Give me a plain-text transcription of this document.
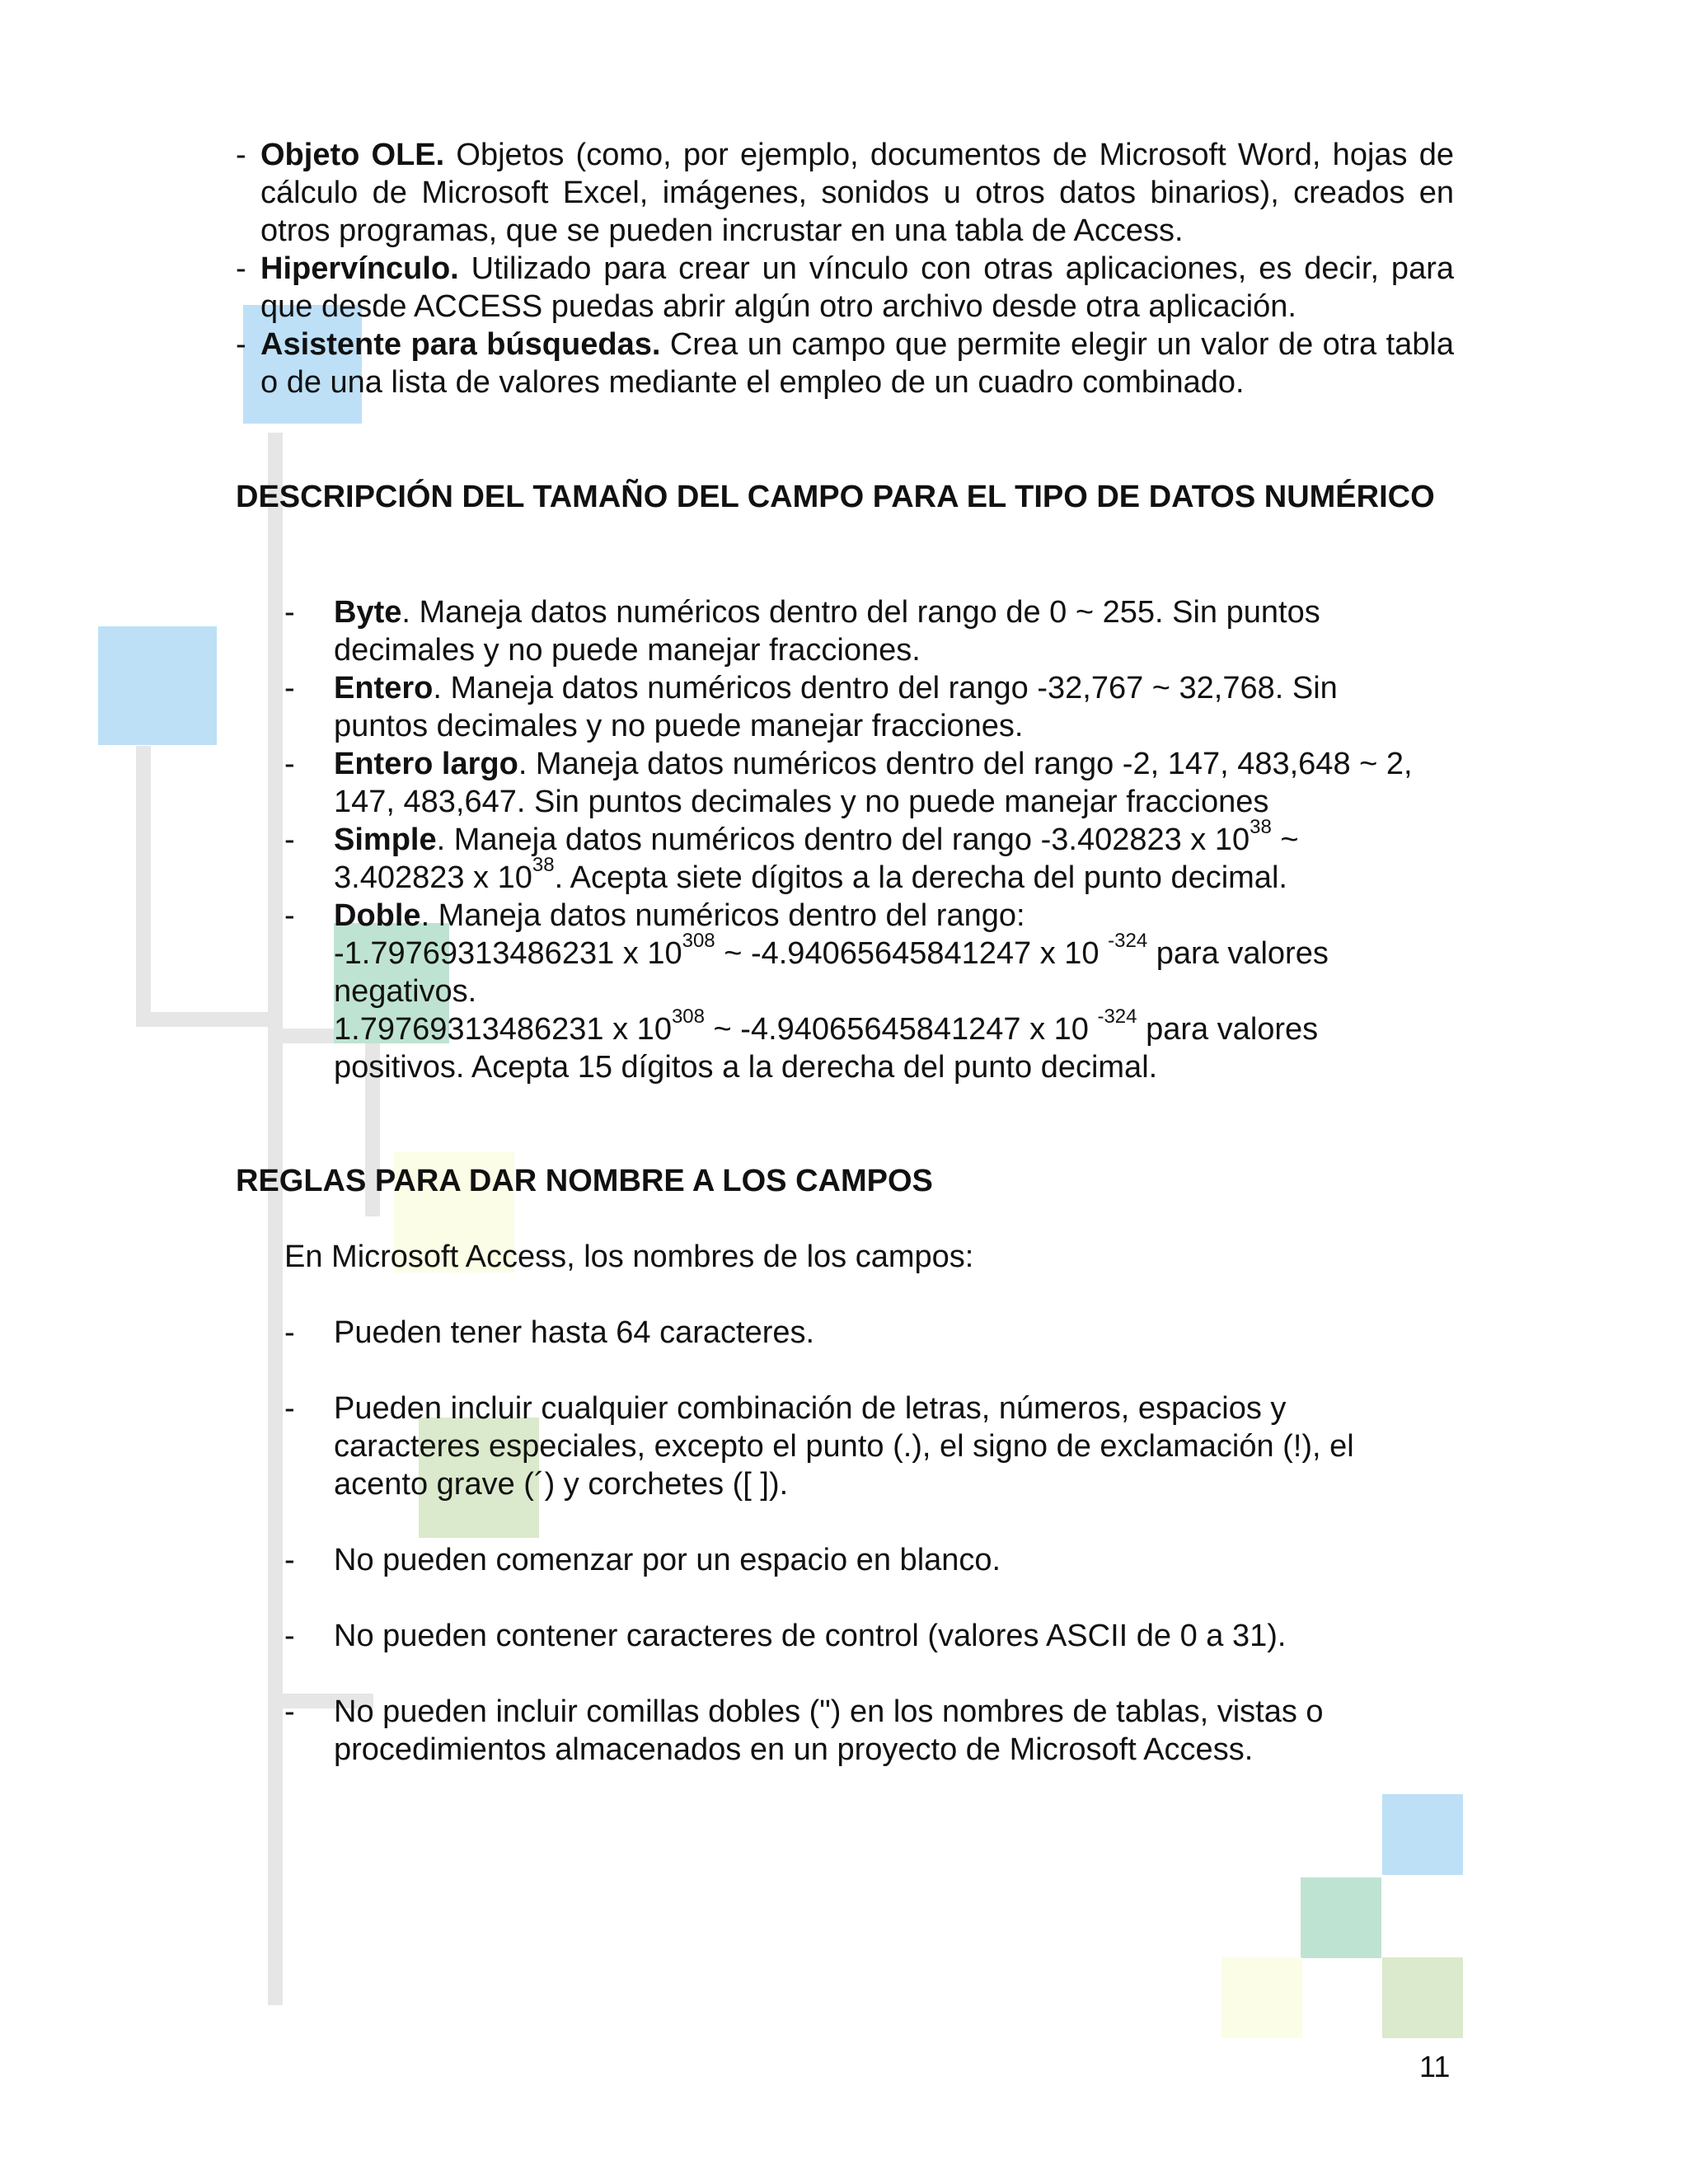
- Objeto OLE. Objetos (como, por ejemplo, documentos de Microsoft Word, hojas de cálculo de Microsoft Excel, imágenes, sonidos u otros datos binarios), creados en otros programas, que se pueden incrustar en una tabla de Access.

- Hipervínculo. Utilizado para crear un vínculo con otras aplicaciones, es decir, para que desde ACCESS puedas abrir algún otro archivo desde otra aplicación.

- Asistente para búsquedas. Crea un campo que permite elegir un valor de otra tabla o de una lista de valores mediante el empleo de un cuadro combinado.

DESCRIPCIÓN DEL TAMAÑO DEL CAMPO PARA EL TIPO DE DATOS NUMÉRICO

- Byte. Maneja datos numéricos dentro del rango de 0 ~ 255. Sin puntos decimales y no puede manejar fracciones.

- Entero. Maneja datos numéricos dentro del rango -32,767 ~ 32,768. Sin puntos decimales y no puede manejar fracciones.

- Entero largo. Maneja datos numéricos dentro del rango -2, 147, 483,648 ~ 2, 147, 483,647. Sin puntos decimales y no puede manejar fracciones

- Simple. Maneja datos numéricos dentro del rango -3.402823 x $10^{38}$ ~
3.402823 x $10^{38}$. Acepta siete dígitos a la derecha del punto decimal.
- Doble. Maneja datos numéricos dentro del rango:
-1.79769313486231 x $10^{308}$ ~ -4.94065645841247 x 10 $^{-324}$ para valores
negativos.
1.79769313486231 x $10^{308}$ ~ -4.94065645841247 x 10 $^{-324}$ para valores
positivos. Acepta 15 dígitos a la derecha del punto decimal.

REGLAS PARA DAR NOMBRE A LOS CAMPOS

En Microsoft Access, los nombres de los campos:

- Pueden tener hasta 64 caracteres.

- Pueden incluir cualquier combinación de letras, números, espacios y caracteres especiales, excepto el punto (.), el signo de exclamación (!), el acento grave (´) y corchetes ([ ]).

- No pueden comenzar por un espacio en blanco.

- No pueden contener caracteres de control (valores ASCII de 0 a 31).

- No pueden incluir comillas dobles (") en los nombres de tablas, vistas o procedimientos almacenados en un proyecto de Microsoft Access.

11
